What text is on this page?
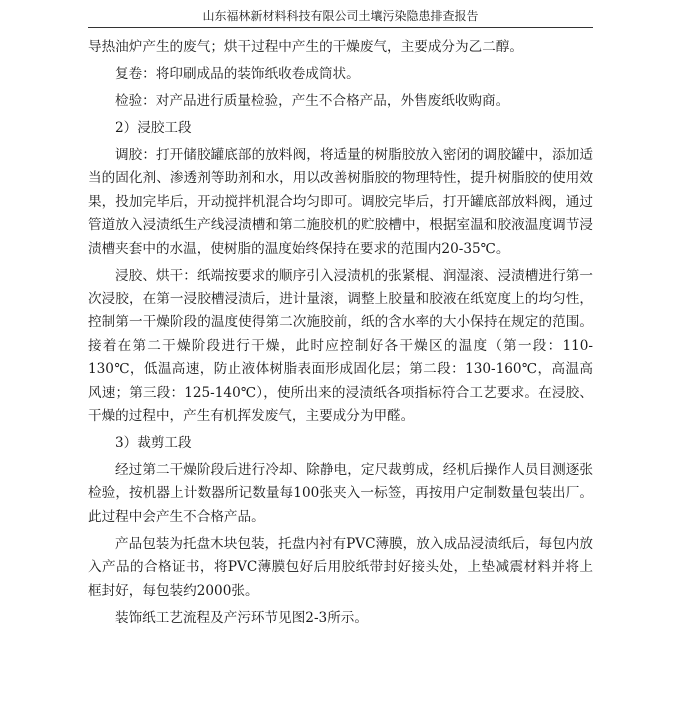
山东福林新材料科技有限公司土壤污染隐患排查报告

导热油炉产生的废气；烘干过程中产生的干燥废气，主要成分为乙二醇。

复卷：将印刷成品的装饰纸收卷成筒状。

检验：对产品进行质量检验，产生不合格产品，外售废纸收购商。

2）浸胶工段

调胶：打开储胶罐底部的放料阀，将适量的树脂胶放入密闭的调胶罐中，添加适当的固化剂、渗透剂等助剂和水，用以改善树脂胶的物理特性，提升树脂胶的使用效果，投加完毕后，开动搅拌机混合均匀即可。调胶完毕后，打开罐底部放料阀，通过管道放入浸渍纸生产线浸渍槽和第二施胶机的贮胶槽中，根据室温和胶液温度调节浸渍槽夹套中的水温，使树脂的温度始终保持在要求的范围内20-35℃。

浸胶、烘干：纸端按要求的顺序引入浸渍机的张紧棍、润湿滚、浸渍槽进行第一次浸胶，在第一浸胶槽浸渍后，进计量滚，调整上胶量和胶液在纸宽度上的均匀性，控制第一干燥阶段的温度使得第二次施胶前，纸的含水率的大小保持在规定的范围。接着在第二干燥阶段进行干燥，此时应控制好各干燥区的温度（第一段：110-130℃，低温高速，防止液体树脂表面形成固化层；第二段：130-160℃，高温高风速；第三段：125-140℃），使所出来的浸渍纸各项指标符合工艺要求。在浸胶、干燥的过程中，产生有机挥发废气，主要成分为甲醛。

3）裁剪工段

经过第二干燥阶段后进行冷却、除静电，定尺裁剪成，经机后操作人员目测逐张检验，按机器上计数器所记数量每100张夹入一标签，再按用户定制数量包装出厂。此过程中会产生不合格产品。

产品包装为托盘木块包装，托盘内衬有PVC薄膜，放入成品浸渍纸后，每包内放入产品的合格证书，将PVC薄膜包好后用胶纸带封好接头处，上垫减震材料并将上框封好，每包装约2000张。

装饰纸工艺流程及产污环节见图2-3所示。
